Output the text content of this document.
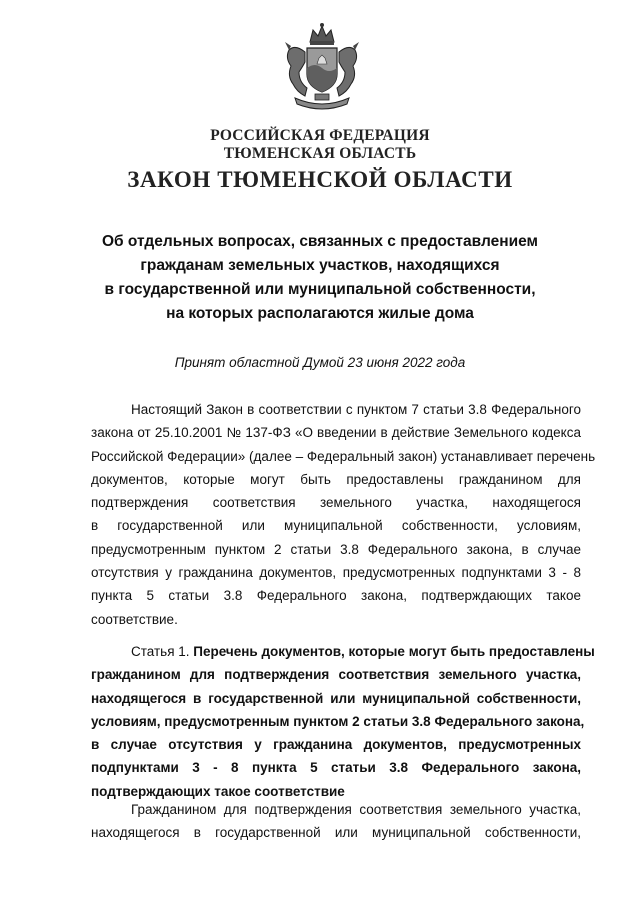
РОССИЙСКАЯ ФЕДЕРАЦИЯ
ТЮМЕНСКАЯ ОБЛАСТЬ
ЗАКОН ТЮМЕНСКОЙ ОБЛАСТИ
Об отдельных вопросах, связанных с предоставлением
гражданам земельных участков, находящихся
в государственной или муниципальной собственности,
на которых располагаются жилые дома
Принят областной Думой 23 июня 2022 года
Настоящий Закон в соответствии с пунктом 7 статьи 3.8 Федерального
закона от 25.10.2001 № 137-ФЗ «О введении в действие Земельного кодекса
Российской Федерации» (далее – Федеральный закон) устанавливает перечень
документов, которые могут быть предоставлены гражданином для
подтверждения соответствия земельного участка, находящегося
в государственной или муниципальной собственности, условиям,
предусмотренным пунктом 2 статьи 3.8 Федерального закона, в случае
отсутствия у гражданина документов, предусмотренных подпунктами 3 - 8
пункта 5 статьи 3.8 Федерального закона, подтверждающих такое
соответствие.
Статья 1. Перечень документов, которые могут быть предоставлены
гражданином для подтверждения соответствия земельного участка,
находящегося в государственной или муниципальной собственности,
условиям, предусмотренным пунктом 2 статьи 3.8 Федерального закона,
в случае отсутствия у гражданина документов, предусмотренных
подпунктами 3 - 8 пункта 5 статьи 3.8 Федерального закона,
подтверждающих такое соответствие
Гражданином для подтверждения соответствия земельного участка,
находящегося в государственной или муниципальной собственности,
